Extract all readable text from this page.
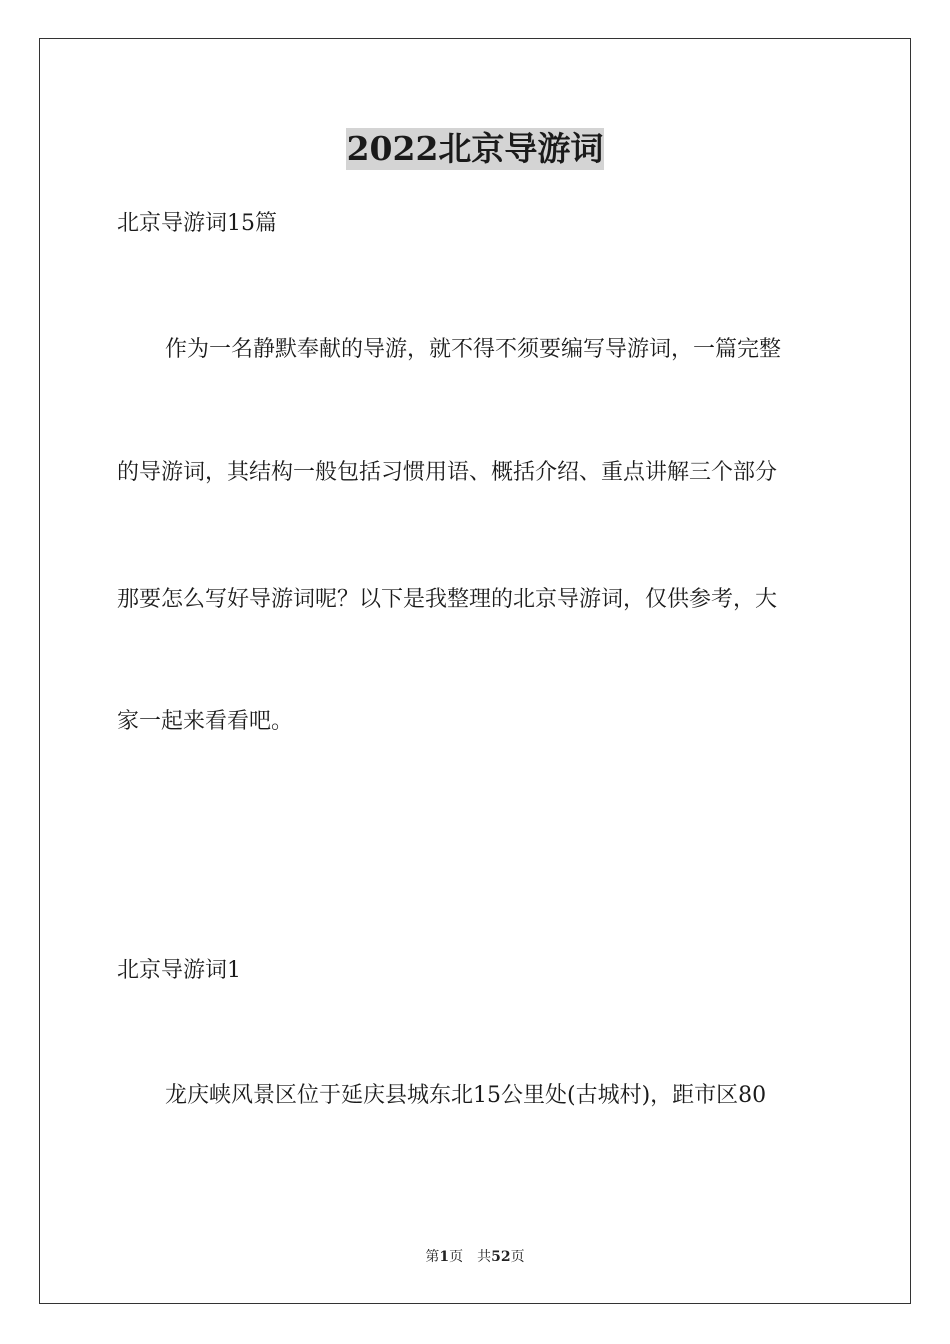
2022北京导游词
北京导游词15篇
作为一名静默奉献的导游，就不得不须要编写导游词，一篇完整
的导游词，其结构一般包括习惯用语、概括介绍、重点讲解三个部分
那要怎么写好导游词呢？以下是我整理的北京导游词，仅供参考，大
家一起来看看吧。
北京导游词1
龙庆峡风景区位于延庆县城东北15公里处(古城村)，距市区80
第1页 共52页
